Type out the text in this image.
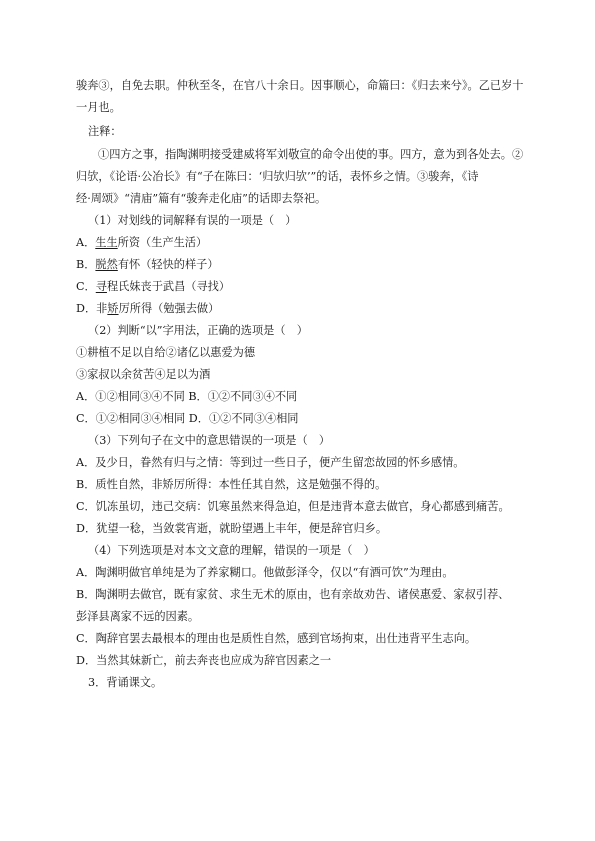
骏奔③，自免去职。仲秋至冬，在官八十余日。因事顺心，命篇曰：《归去来兮》。乙已岁十
一月也。
注释：
①四方之事，指陶渊明接受建威将军刘敬宣的命令出使的事。四方，意为到各处去。②
归欤，《论语·公冶长》有“子在陈曰：‘归欤归欤’”的话，表怀乡之情。③骏奔，《诗
经·周颂》“清庙”篇有“骏奔走化庙”的话即去祭祀。
（1）对划线的词解释有误的一项是（　）
A．生生所资（生产生活）
B．脱然有怀（轻快的样子）
C．寻程氏妹丧于武昌（寻找）
D．非矫厉所得（勉强去做）
（2）判断“以”字用法，正确的选项是（　）
①耕植不足以自给②诸亿以惠爱为德
③家叔以余贫苦④足以为酒
A．①②相同③④不同 B．①②不同③④不同
C．①②相同③④相同 D．①②不同③④相同
（3）下列句子在文中的意思错误的一项是（　）
A．及少日，眷然有归与之情：等到过一些日子，便产生留恋故园的怀乡感情。
B．质性自然，非矫厉所得：本性任其自然，这是勉强不得的。
C．饥冻虽切，违己交病：饥寒虽然来得急迫，但是违背本意去做官，身心都感到痛苦。
D．犹望一稔，当敛裳宵逝，就盼望遇上丰年，便是辞官归乡。
（4）下列选项是对本文文意的理解，错误的一项是（　）
A．陶渊明做官单纯是为了养家糊口。他做彭泽令，仅以“有酒可饮”为理由。
B．陶渊明去做官，既有家贫、求生无术的原由，也有亲故劝告、诸侯惠爱、家叔引荐、
彭泽县离家不远的因素。
C．陶辞官罢去最根本的理由也是质性自然，感到官场拘束，出仕违背平生志向。
D．当然其妹新亡，前去奔丧也应成为辞官因素之一
3．背诵课文。
